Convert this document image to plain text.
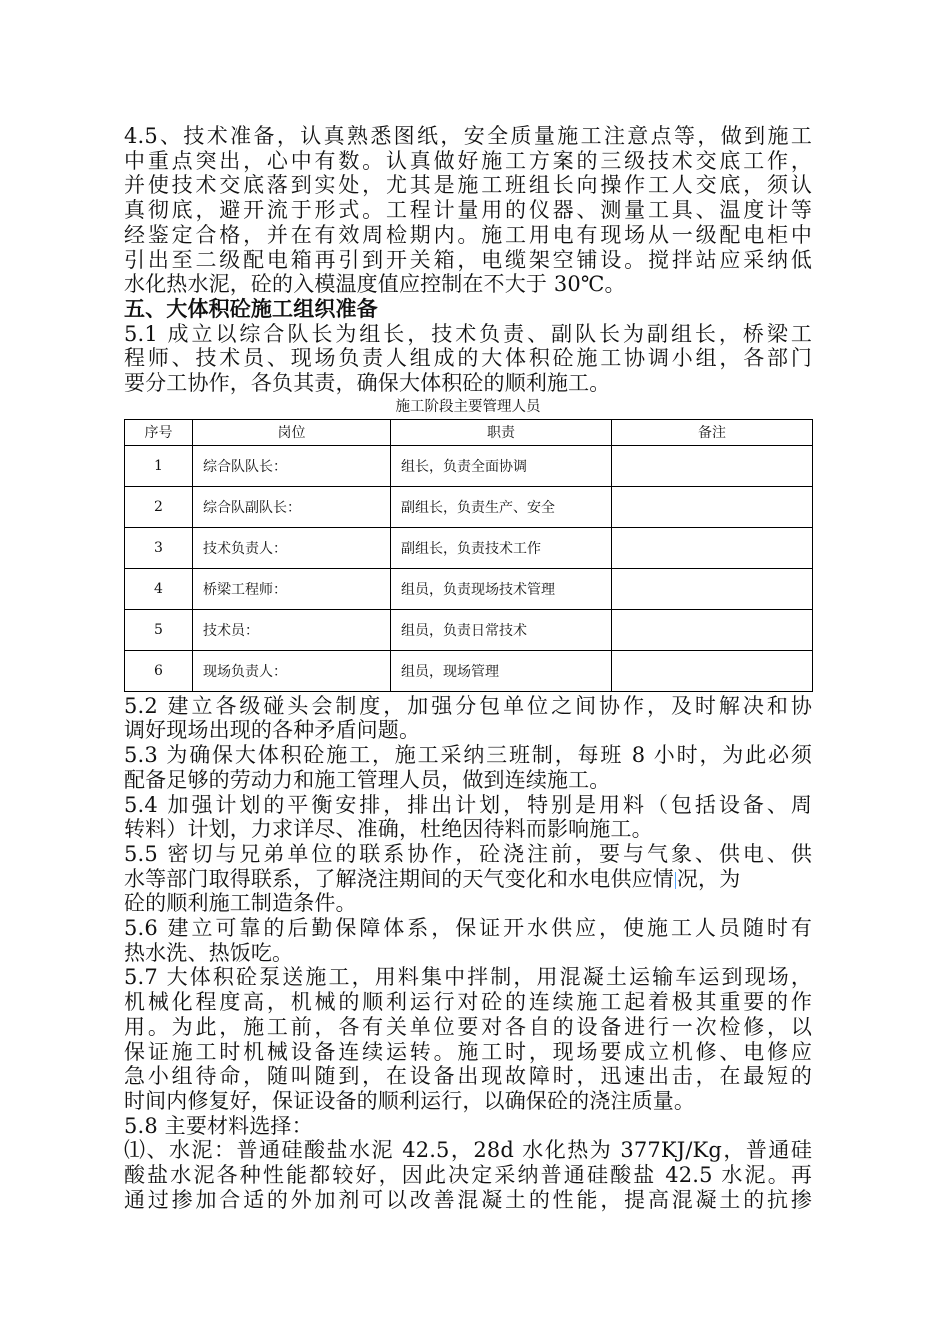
4.5、技术准备，认真熟悉图纸，安全质量施工注意点等，做到施工

中重点突出，心中有数。认真做好施工方案的三级技术交底工作，

并使技术交底落到实处，尤其是施工班组长向操作工人交底，须认

真彻底，避开流于形式。工程计量用的仪器、测量工具、温度计等

经鉴定合格，并在有效周检期内。施工用电有现场从一级配电柜中

引出至二级配电箱再引到开关箱，电缆架空铺设。搅拌站应采纳低

水化热水泥，砼的入模温度值应控制在不大于 30℃。

五、大体积砼施工组织准备

5.1 成立以综合队长为组长，技术负责、副队长为副组长，桥梁工

程师、技术员、现场负责人组成的大体积砼施工协调小组，各部门

要分工协作，各负其责，确保大体积砼的顺利施工。

施工阶段主要管理人员
序号	岗位	职责	备注
1	综合队队长：	组长，负责全面协调	
2	综合队副队长：	副组长，负责生产、安全	
3	技术负责人：	副组长，负责技术工作	
4	桥梁工程师：	组员，负责现场技术管理	
5	技术员：	组员，负责日常技术	
6	现场负责人：	组员，现场管理	

5.2 建立各级碰头会制度，加强分包单位之间协作，及时解决和协

调好现场出现的各种矛盾问题。

5.3 为确保大体积砼施工，施工采纳三班制，每班 8 小时，为此必须

配备足够的劳动力和施工管理人员，做到连续施工。

5.4 加强计划的平衡安排，排出计划，特别是用料（包括设备、周

转料）计划，力求详尽、准确，杜绝因待料而影响施工。

5.5 密切与兄弟单位的联系协作，砼浇注前，要与气象、供电、供

水等部门取得联系，了解浇注期间的天气变化和水电供应情 况，为

砼的顺利施工制造条件。

5.6 建立可靠的后勤保障体系，保证开水供应，使施工人员随时有

热水洗、热饭吃。

5.7 大体积砼泵送施工，用料集中拌制，用混凝土运输车运到现场，

机械化程度高，机械的顺利运行对砼的连续施工起着极其重要的作

用。为此，施工前，各有关单位要对各自的设备进行一次检修，以

保证施工时机械设备连续运转。施工时，现场要成立机修、电修应

急小组待命，随叫随到，在设备出现故障时，迅速出击，在最短的

时间内修复好，保证设备的顺利运行，以确保砼的浇注质量。

5.8 主要材料选择：

⑴、水泥：普通硅酸盐水泥 42.5，28d 水化热为 377KJ/Kg，普通硅

酸盐水泥各种性能都较好，因此决定采纳普通硅酸盐 42.5 水泥。再

通过掺加合适的外加剂可以改善混凝土的性能，提高混凝土的抗掺
